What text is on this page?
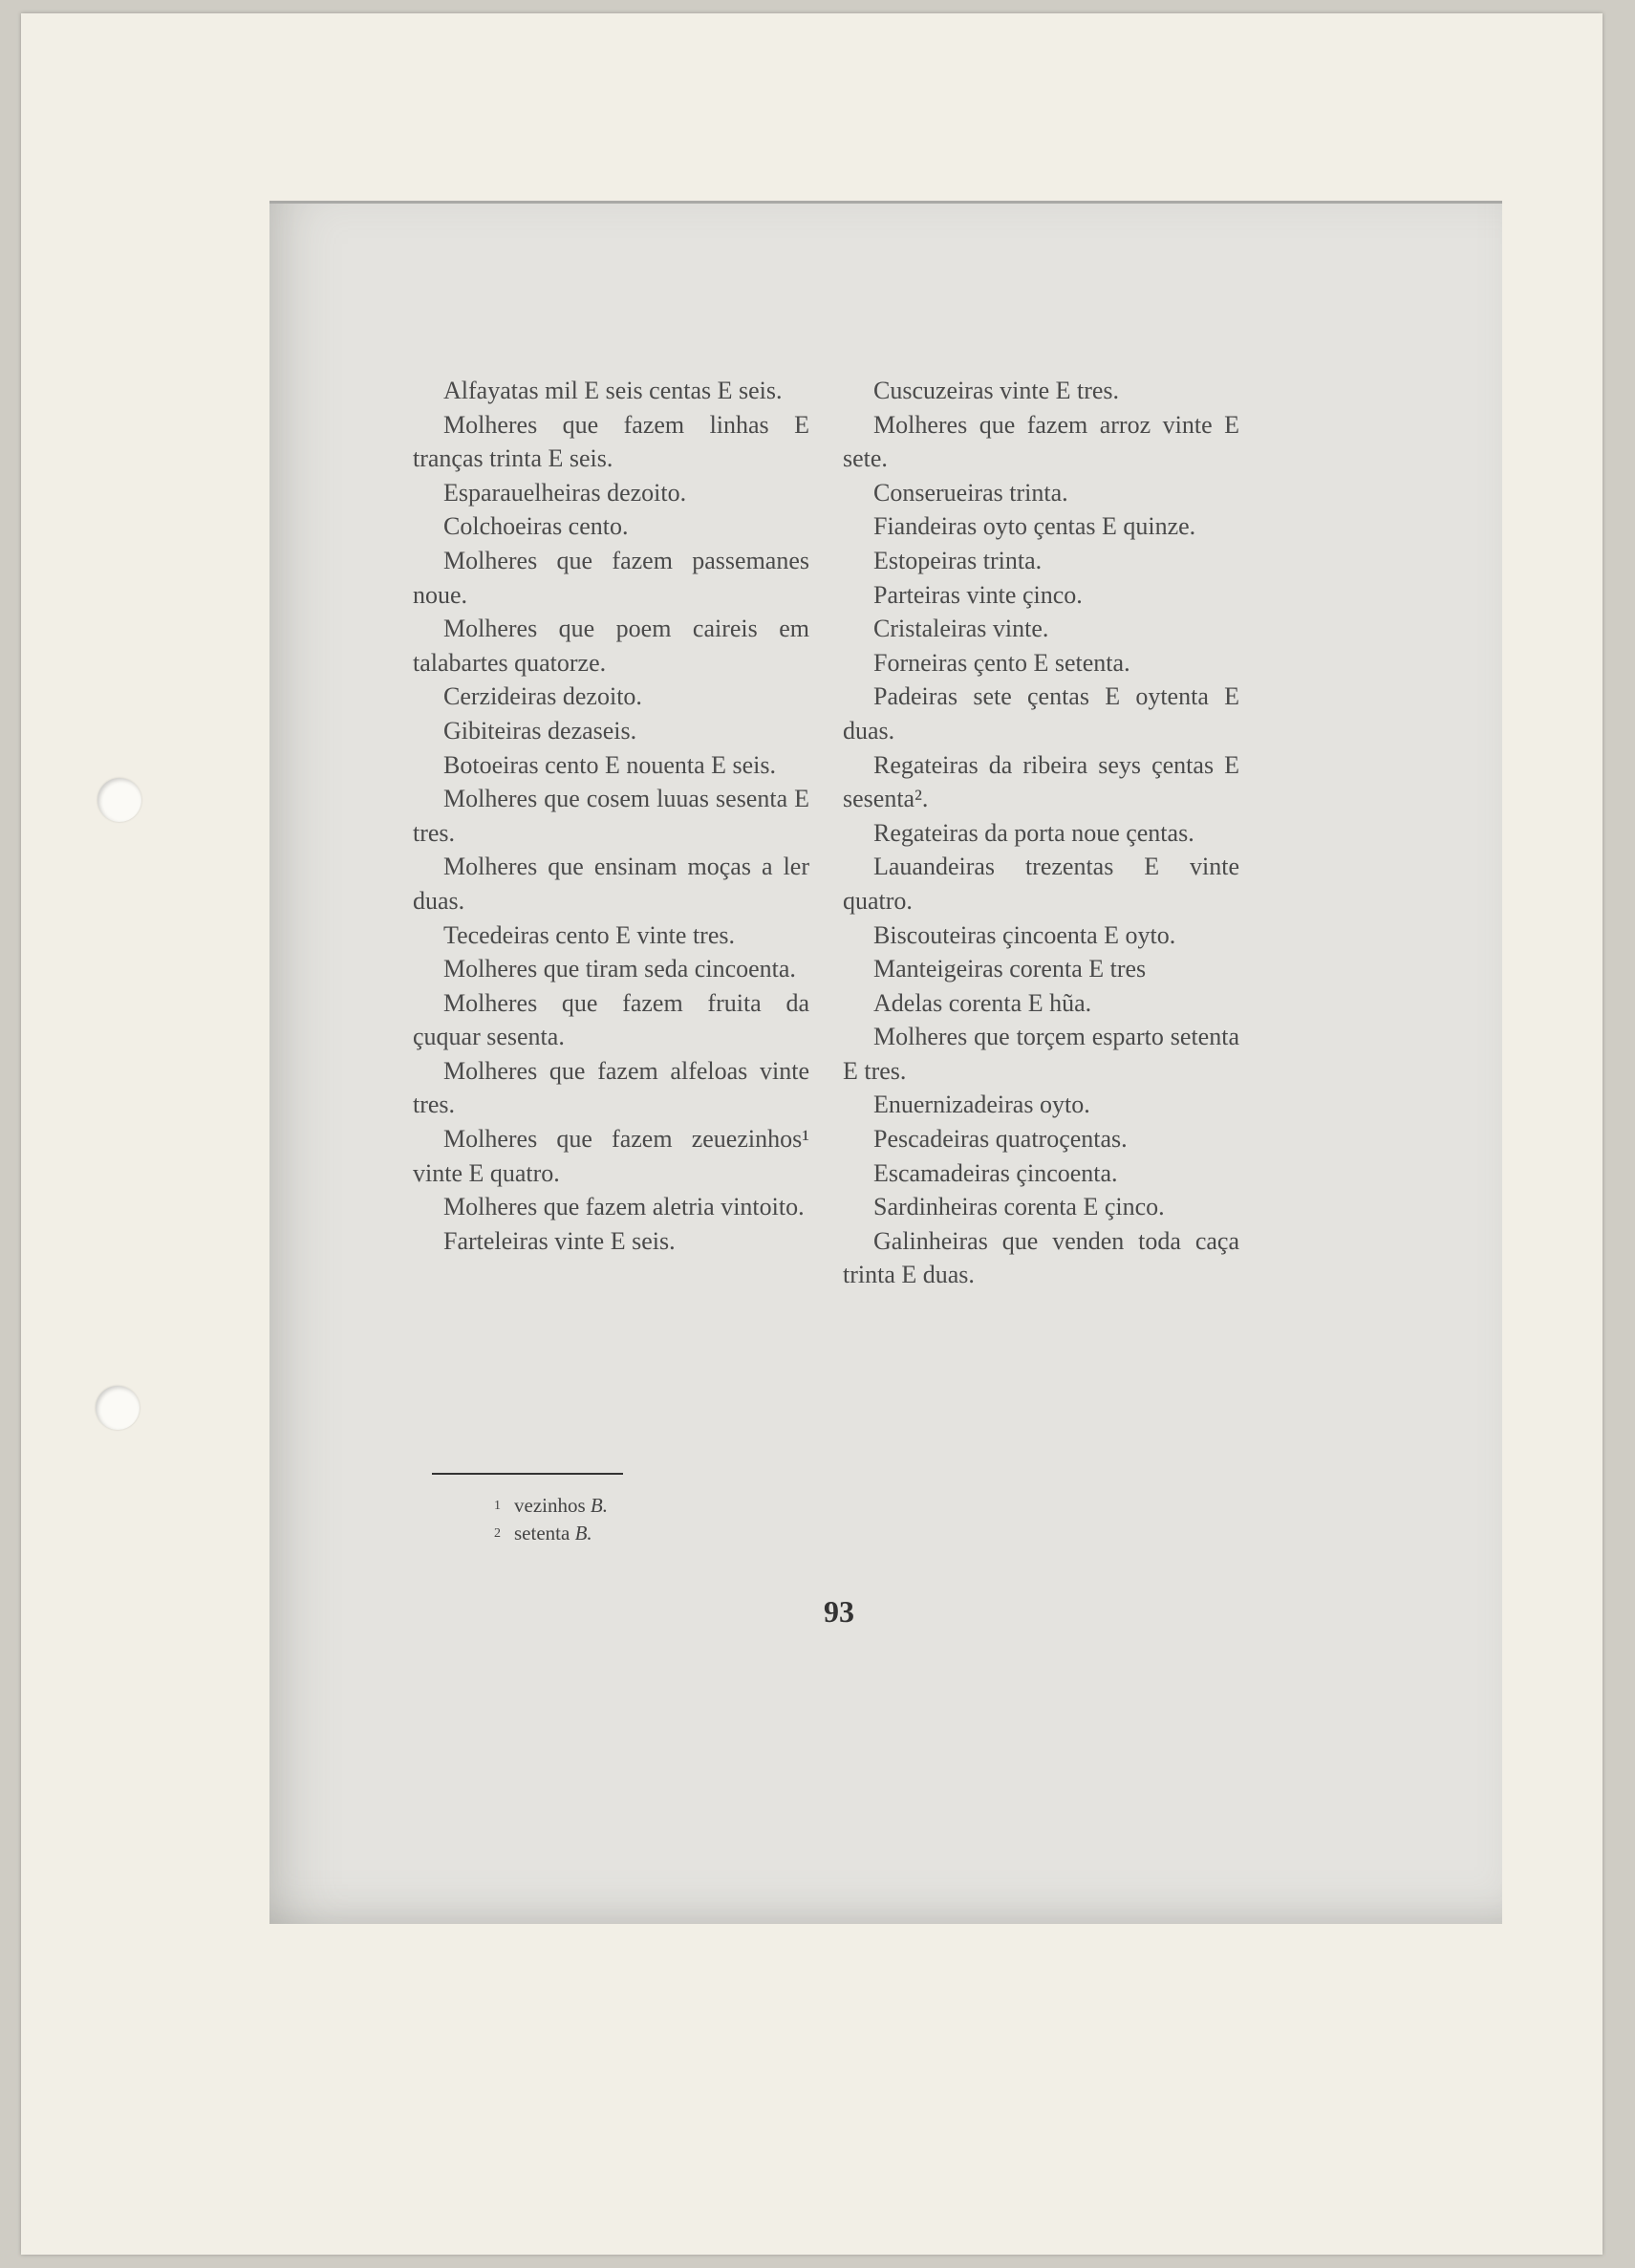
Alfayatas mil E seis centas E seis.

Molheres que fazem linhas E tranças trinta E seis.

Esparauelheiras dezoito.

Colchoeiras cento.

Molheres que fazem passemanes noue.

Molheres que poem caireis em talabartes quatorze.

Cerzideiras dezoito.

Gibiteiras dezaseis.

Botoeiras cento E nouenta E seis.

Molheres que cosem luuas sesenta E tres.

Molheres que ensinam moças a ler duas.

Tecedeiras cento E vinte tres.

Molheres que tiram seda cincoenta.

Molheres que fazem fruita da çuquar sesenta.

Molheres que fazem alfeloas vinte tres.

Molheres que fazem zeuezinhos¹ vinte E quatro.

Molheres que fazem aletria vintoito.

Farteleiras vinte E seis.

Cuscuzeiras vinte E tres.

Molheres que fazem arroz vinte E sete.

Conserueiras trinta.

Fiandeiras oyto çentas E quinze.

Estopeiras trinta.

Parteiras vinte çinco.

Cristaleiras vinte.

Forneiras çento E setenta.

Padeiras sete çentas E oytenta E duas.

Regateiras da ribeira seys çentas E sesenta².

Regateiras da porta noue çentas.

Lauandeiras trezentas E vinte quatro.

Biscouteiras çincoenta E oyto.

Manteigeiras corenta E tres

Adelas corenta E hũa.

Molheres que torçem esparto setenta E tres.

Enuernizadeiras oyto.

Pescadeiras quatroçentas.

Escamadeiras çincoenta.

Sardinheiras corenta E çinco.

Galinheiras que venden toda caça trinta E duas.

1 vezinhos B.

2 setenta B.

93
